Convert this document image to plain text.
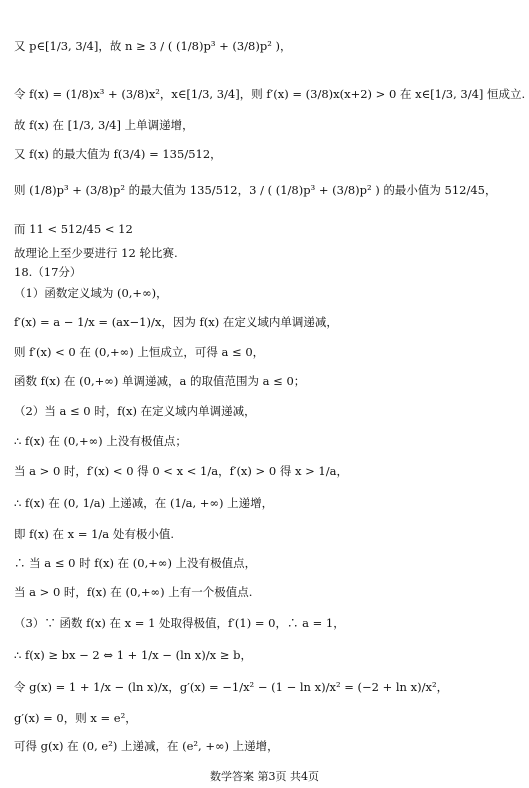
又 p∈[1/3, 3/4]，故 n ≥ 3 / ( (1/8)p³ + (3/8)p² )，
令 f(x) = (1/8)x³ + (3/8)x²，x∈[1/3, 3/4]，则 f′(x) = (3/8)x(x+2) > 0 在 x∈[1/3, 3/4] 恒成立.
故 f(x) 在 [1/3, 3/4] 上单调递增，
又 f(x) 的最大值为 f(3/4) = 135/512，
则 (1/8)p³ + (3/8)p² 的最大值为 135/512，3 / ( (1/8)p³ + (3/8)p² ) 的最小值为 512/45，
而 11 < 512/45 < 12
故理论上至少要进行 12 轮比赛.
18.（17分）
（1）函数定义域为 (0,+∞)，
f′(x) = a − 1/x = (ax−1)/x，因为 f(x) 在定义域内单调递减，
则 f′(x) < 0 在 (0,+∞) 上恒成立，可得 a ≤ 0，
函数 f(x) 在 (0,+∞) 单调递减，a 的取值范围为 a ≤ 0；
（2）当 a ≤ 0 时，f(x) 在定义域内单调递减，
∴ f(x) 在 (0,+∞) 上没有极值点；
当 a > 0 时，f′(x) < 0 得 0 < x < 1/a，f′(x) > 0 得 x > 1/a，
∴ f(x) 在 (0, 1/a) 上递减，在 (1/a, +∞) 上递增，
即 f(x) 在 x = 1/a 处有极小值.
∴ 当 a ≤ 0 时 f(x) 在 (0,+∞) 上没有极值点，
当 a > 0 时，f(x) 在 (0,+∞) 上有一个极值点.
（3）∵ 函数 f(x) 在 x = 1 处取得极值，f′(1) = 0，∴ a = 1，
∴ f(x) ≥ bx − 2 ⇔ 1 + 1/x − (ln x)/x ≥ b，
令 g(x) = 1 + 1/x − (ln x)/x，g′(x) = −1/x² − (1 − ln x)/x² = (−2 + ln x)/x²，
g′(x) = 0，则 x = e²，
可得 g(x) 在 (0, e²) 上递减，在 (e², +∞) 上递增，
数学答案 第3页 共4页
